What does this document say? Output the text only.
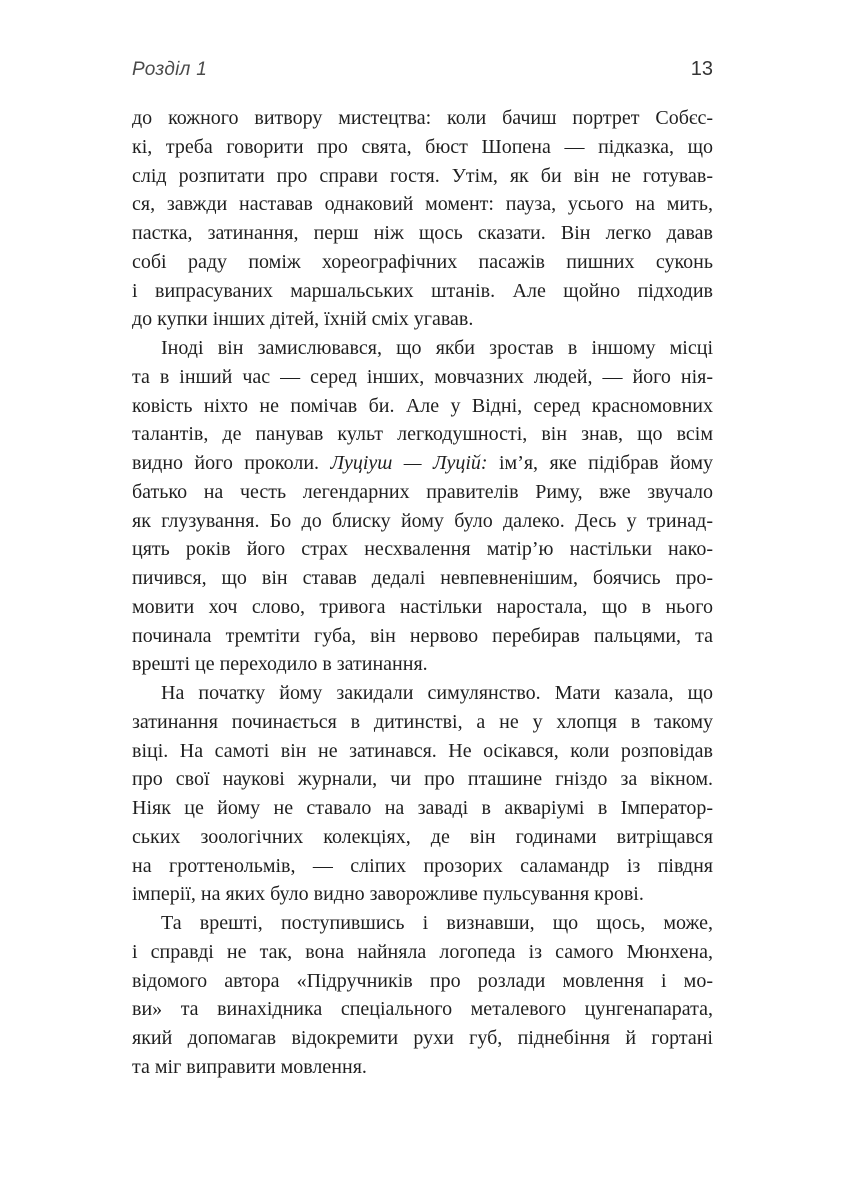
Розділ 1	13
до кожного витвору мистецтва: коли бачиш портрет Собєс-
кі, треба говорити про свята, бюст Шопена — підказка, що
слід розпитати про справи гостя. Утім, як би він не готував-
ся, завжди наставав однаковий момент: пауза, усього на мить,
пастка, затинання, перш ніж щось сказати. Він легко давав
собі раду поміж хореографічних пасажів пишних суконь
і випрасуваних маршальських штанів. Але щойно підходив
до купки інших дітей, їхній сміх угавав.
Іноді він замислювався, що якби зростав в іншому місці
та в інший час — серед інших, мовчазних людей, — його нія-
ковість ніхто не помічав би. Але у Відні, серед красномовних
талантів, де панував культ легкодушності, він знав, що всім
видно його проколи. Луціуш — Луцій: ім’я, яке підібрав йому
батько на честь легендарних правителів Риму, вже звучало
як глузування. Бо до блиску йому було далеко. Десь у тринад-
цять років його страх несхвалення матір’ю настільки нако-
пичився, що він ставав дедалі невпевненішим, боячись про-
мовити хоч слово, тривога настільки наростала, що в нього
починала тремтіти губа, він нервово перебирав пальцями, та
врешті це переходило в затинання.
На початку йому закидали симулянство. Мати казала, що
затинання починається в дитинстві, а не у хлопця в такому
віці. На самоті він не затинався. Не осікався, коли розповідав
про свої наукові журнали, чи про пташине гніздо за вікном.
Ніяк це йому не ставало на заваді в акваріумі в Імператор-
ських зоологічних колекціях, де він годинами витріщався
на гроттенольмів, — сліпих прозорих саламандр із півдня
імперії, на яких було видно заворожливе пульсування крові.
Та врешті, поступившись і визнавши, що щось, може,
і справді не так, вона найняла логопеда із самого Мюнхена,
відомого автора «Підручників про розлади мовлення і мо-
ви» та винахідника спеціального металевого цунгенапарата,
який допомагав відокремити рухи губ, піднебіння й гортані
та міг виправити мовлення.
